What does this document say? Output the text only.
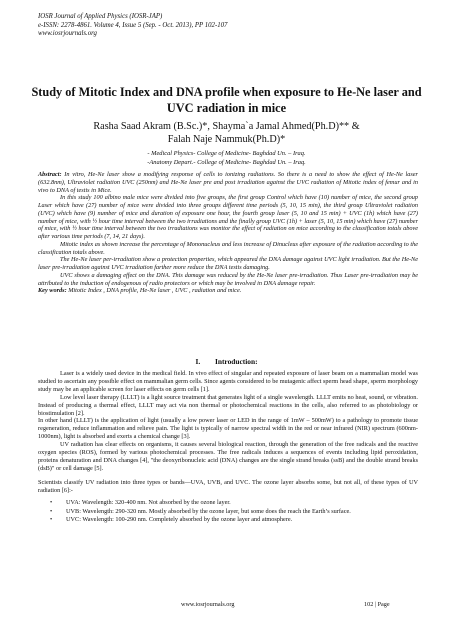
IOSR Journal of Applied Physics (IOSR-JAP)
e-ISSN: 2278-4861. Volume 4, Issue 5 (Sep. - Oct. 2013), PP 102-107
www.iosrjournals.org
Study of Mitotic Index and DNA profile when exposure to He-Ne laser and UVC radiation in mice
Rasha Saad Akram (B.Sc.)*, Shayma`a Jamal Ahmed(Ph.D)** &
Falah Naje Nammuk(Ph.D)*
- Medical Physics- College of Medicine- Baghdad Un. – Iraq.
-Anatomy Depart.- College of Medicine- Baghdad Un. – Iraq.

Abstract: In vitro, He-Ne laser show a modifying response of cells to ionizing radiations. So there is a need to show the effect of He-Ne laser (632.8nm), Ultraviolet radiation UVC (250nm) and He-Ne laser pre and post irradiation against the UVC radiation of Mitotic index of femur and in vivo to DNA of testis in Mice.

In this study 100 albino male mice were divided into five groups, the first group Control which have (10) number of mice, the second group Laser which have (27) number of mice were divided into three groups different time periods (5, 10, 15 min), the third group Ultraviolet radiation (UVC) which have (9) number of mice and duration of exposure one hour, the fourth group laser (5, 10 and 15 min) + UVC (1h) which have (27) number of mice, with ½ hour time interval between the two irradiations and the finally group UVC (1h) + laser (5, 10, 15 min) which have (27) number of mice, with ½ hour time interval between the two irradiations was monitor the effect of radiation on mice according to the classification totals above after various time periods (7, 14, 21 days).

Mitotic index as shown increase the percentage of Mononucleus and less increase of Dinucleus after exposure of the radiation according to the classification totals above.

The He-Ne laser per-irradiation show a protection properties, which appeared the DNA damage against UVC light irradiation. But the He-Ne laser pre-irradiation against UVC irradiation farther more reduce the DNA testis damaging.

UVC shows a damaging effect on the DNA. This damage was reduced by the He-Ne laser pre-irradiation. Thus Laser pre-irradiation may be attributed to the induction of endogenous of radio protectors or which may be involved in DNA damage repair.

Key words: Mitotic Index , DNA profile, He-Ne laser , UVC , radiation and mice.

I.   Introduction:

Laser is a widely used device in the medical field. In vivo effect of singular and repeated exposure of laser beam on a mammalian model was studied to ascertain any possible effect on mammalian germ cells. Since agents considered to be mutagenic affect sperm head shape, sperm morphology study may be an applicable screen for laser effects on germ cells [1].

Low level laser therapy (LLLT) is a light source treatment that generates light of a single wavelength. LLLT emits no heat, sound, or vibration. Instead of producing a thermal effect, LLLT may act via non thermal or photochemical reactions in the cells, also referred to as photobiology or biostimulation [2].

In other hand (LLLT) is the application of light (usually a low power laser or LED in the range of 1mW – 500mW) to a pathology to promote tissue regeneration, reduce inflammation and relieve pain. The light is typically of narrow spectral width in the red or near infrared (NIR) spectrum (600nm-1000nm), light is absorbed and exerts a chemical change [3].

UV radiation has clear effects on organisms, it causes several biological reaction, through the generation of the free radicals and the reactive oxygen species (ROS), formed by various photochemical processes. The free radicals induces a sequences of events including lipid peroxidation, proteins denaturation and DNA changes [4], "the deoxyribonucleic acid (DNA) changes are the single strand breaks (ssB) and the double strand breaks (dsB)" or cell damage [5].

Scientists classify UV radiation into three types or bands—UVA, UVB, and UVC. The ozone layer absorbs some, but not all, of these types of UV radiation [6]:-

• UVA: Wavelength: 320-400 nm. Not absorbed by the ozone layer.
• UVB: Wavelength: 290-320 nm. Mostly absorbed by the ozone layer, but some does the reach the Earth’s surface.
• UVC: Wavelength: 100-290 nm. Completely absorbed by the ozone layer and atmosphere.
www.iosrjournals.org	102 | Page
